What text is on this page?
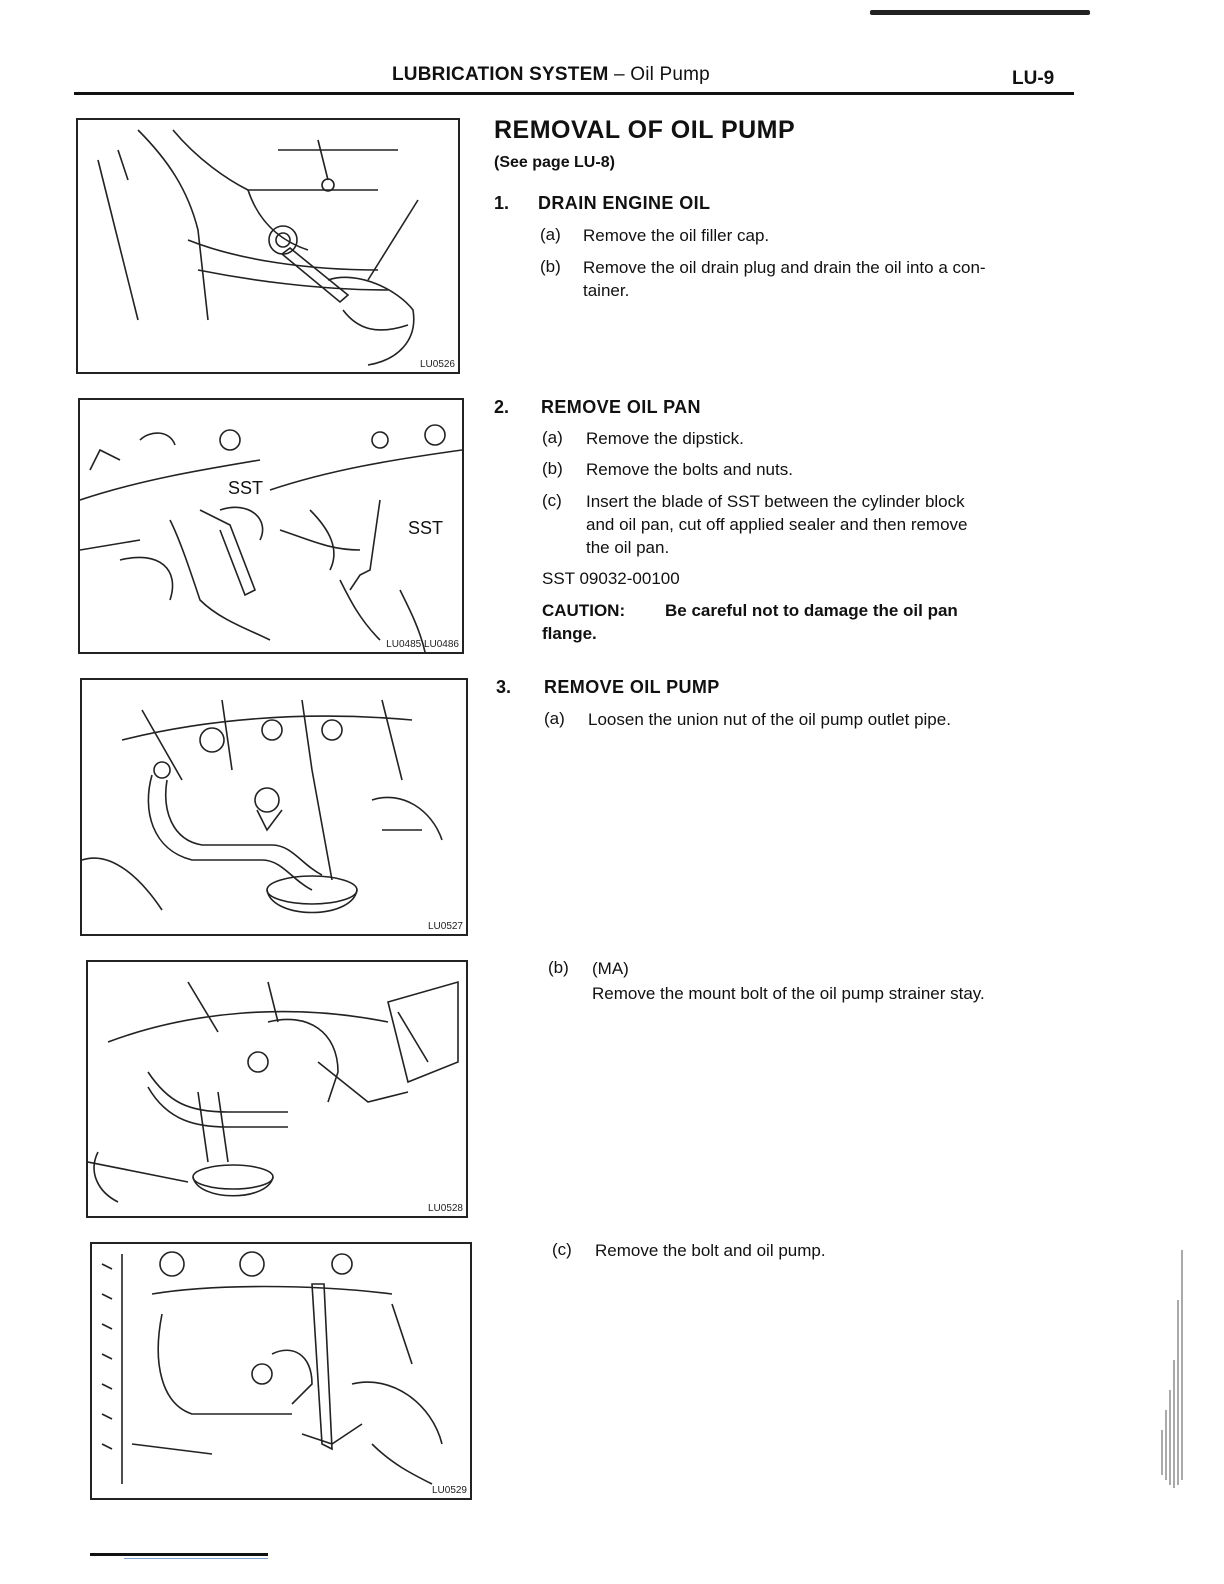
LUBRICATION SYSTEM – Oil Pump	LU-9
LU0526
SST
SST
LU0485 LU0486
LU0527
LU0528
LU0529
REMOVAL OF OIL PUMP
(See page LU-8)
1. DRAIN ENGINE OIL
(a) Remove the oil filler cap.
(b) Remove the oil drain plug and drain the oil into a con-
tainer.
2. REMOVE OIL PAN
(a) Remove the dipstick.
(b) Remove the bolts and nuts.
(c) Insert the blade of SST between the cylinder block
and oil pan, cut off applied sealer and then remove
the oil pan.
SST 09032-00100
CAUTION: Be careful not to damage the oil pan
flange.
3. REMOVE OIL PUMP
(a) Loosen the union nut of the oil pump outlet pipe.
(b) (MA)
Remove the mount bolt of the oil pump strainer stay.
(c) Remove the bolt and oil pump.
